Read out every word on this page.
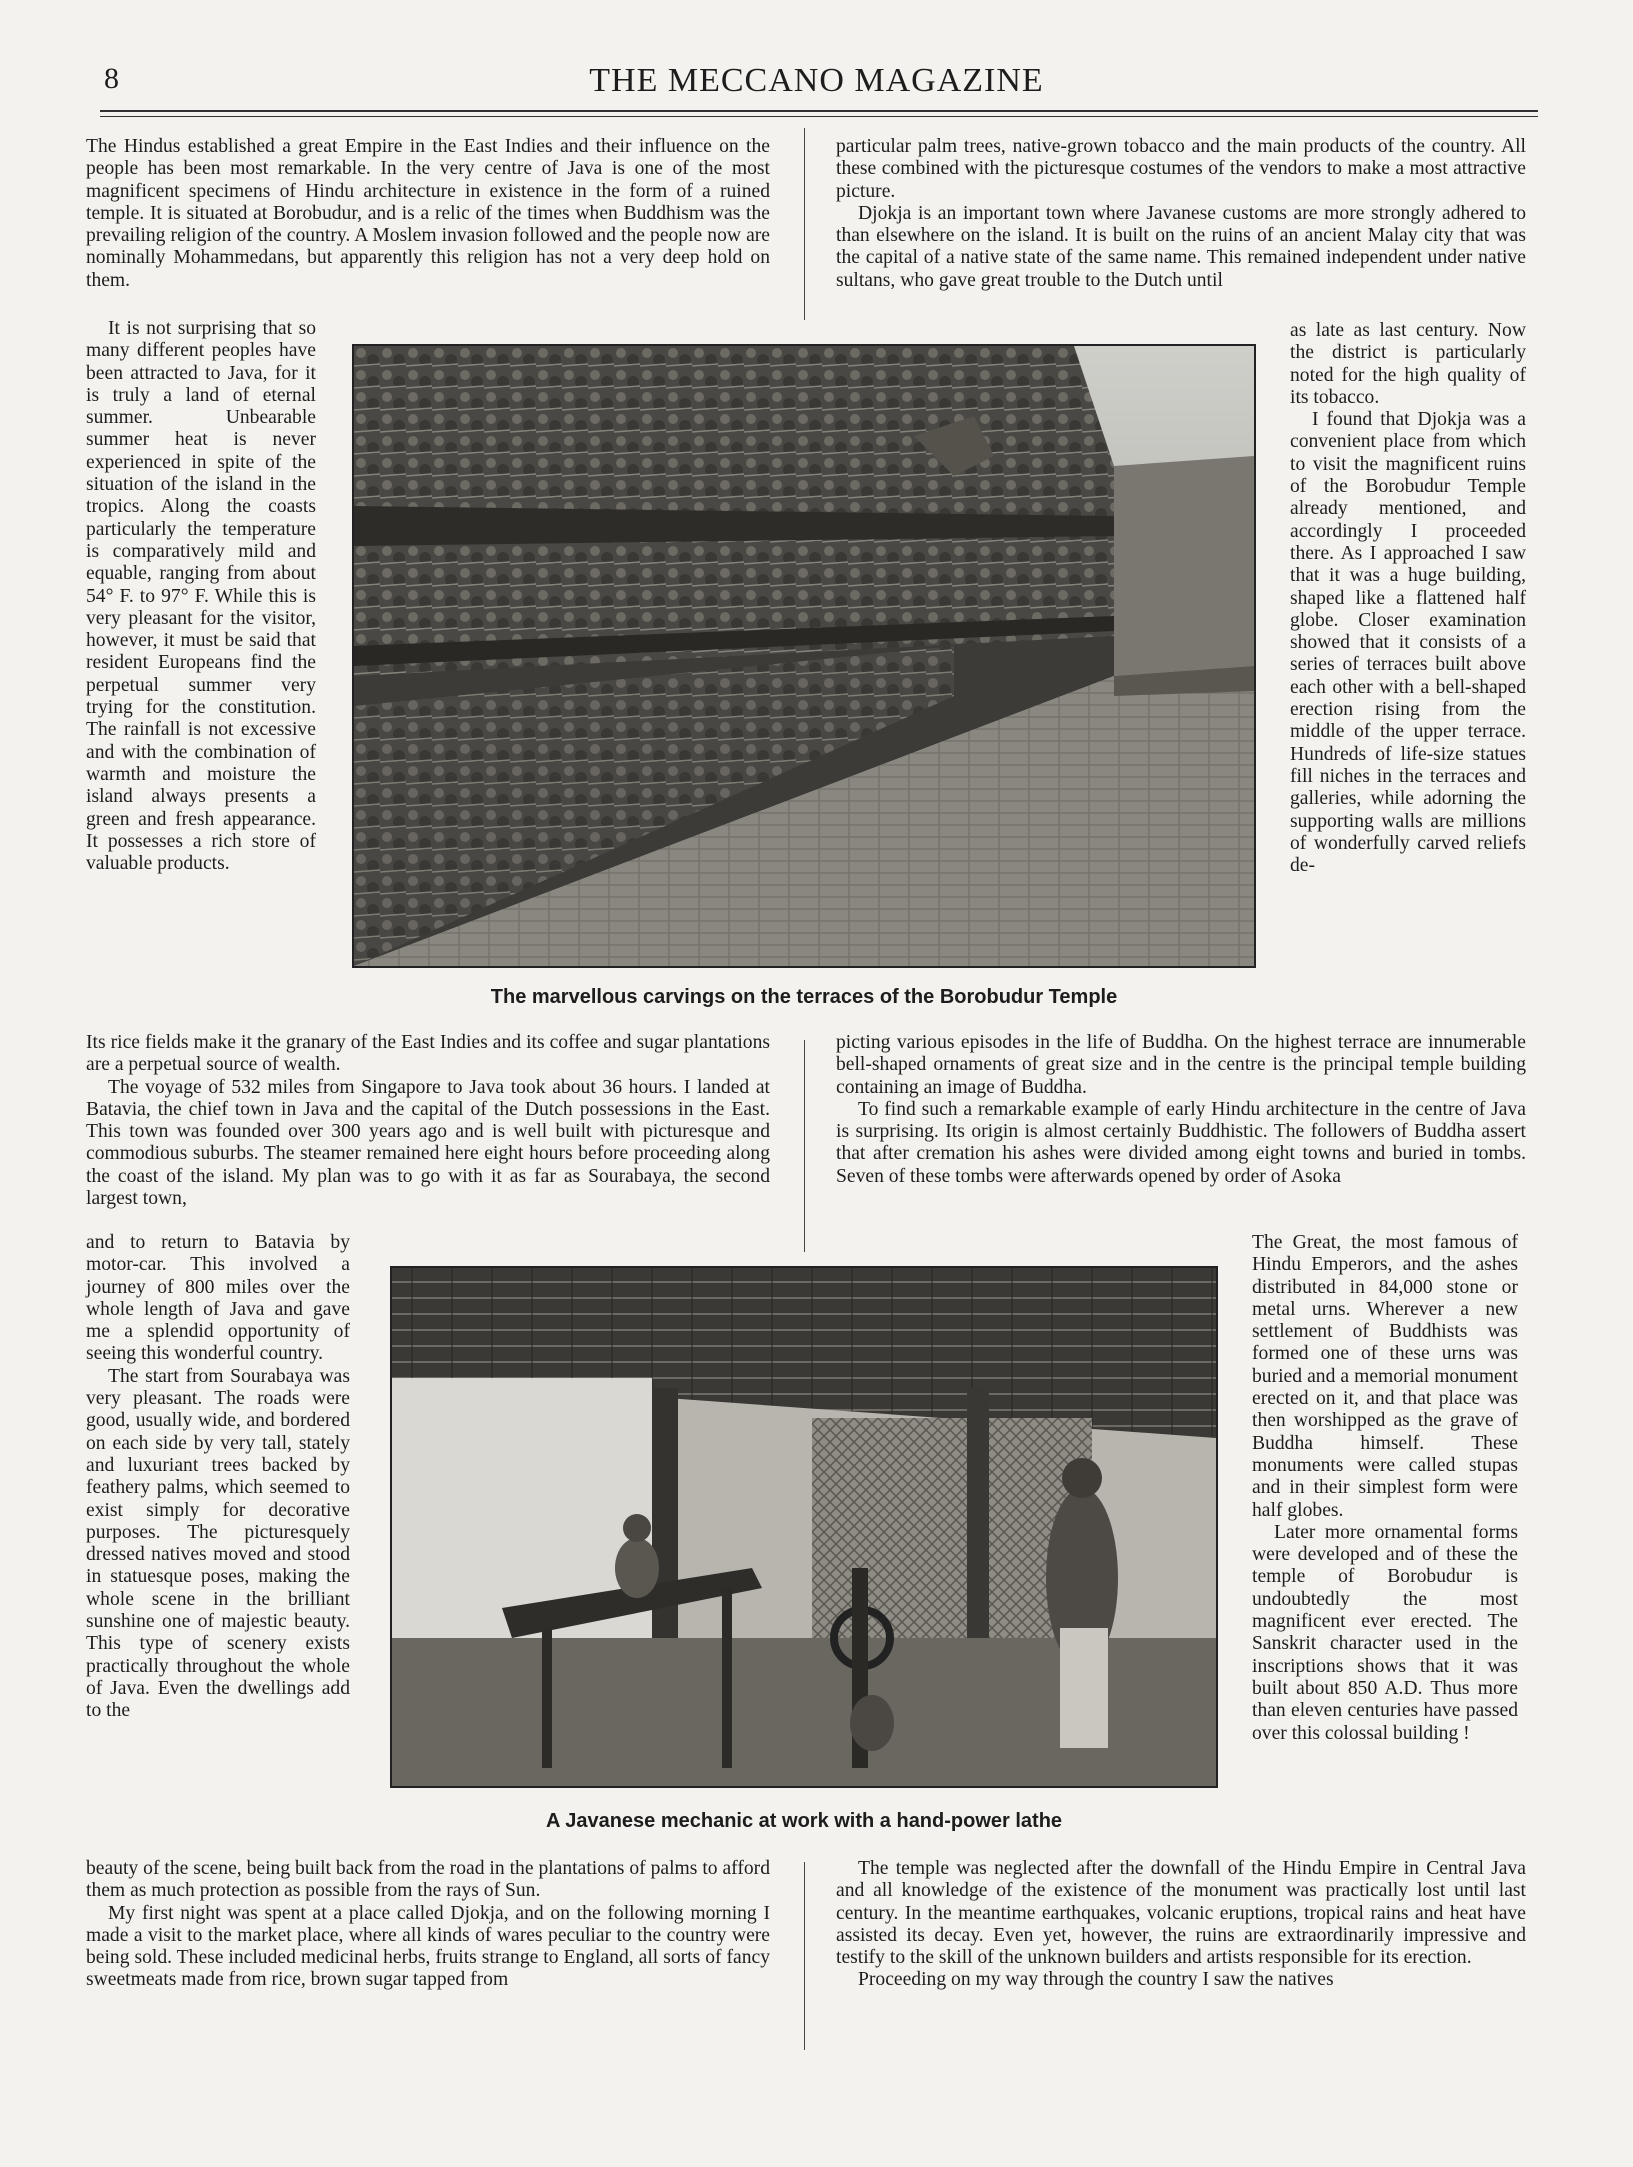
8	THE MECCANO MAGAZINE

The Hindus established a great Empire in the East Indies and their influence on the people has been most remarkable. In the very centre of Java is one of the most magnificent specimens of Hindu architecture in existence in the form of a ruined temple. It is situated at Borobudur, and is a relic of the times when Buddhism was the prevailing religion of the country. A Moslem invasion followed and the people now are nominally Mohammedans, but apparently this religion has not a very deep hold on them.

particular palm trees, native-grown tobacco and the main products of the country. All these combined with the picturesque costumes of the vendors to make a most attractive picture.

Djokja is an important town where Javanese customs are more strongly adhered to than elsewhere on the island. It is built on the ruins of an ancient Malay city that was the capital of a native state of the same name. This remained independent under native sultans, who gave great trouble to the Dutch until

It is not surprising that so many different peoples have been attracted to Java, for it is truly a land of eternal summer. Unbearable summer heat is never experienced in spite of the situation of the island in the tropics. Along the coasts particularly the temperature is comparatively mild and equable, ranging from about 54° F. to 97° F. While this is very pleasant for the visitor, however, it must be said that resident Europeans find the perpetual summer very trying for the constitution. The rainfall is not excessive and with the combination of warmth and moisture the island always presents a green and fresh appearance. It possesses a rich store of valuable products.

as late as last century. Now the district is particularly noted for the high quality of its tobacco.

I found that Djokja was a convenient place from which to visit the magnificent ruins of the Borobudur Temple already mentioned, and accordingly I proceeded there. As I approached I saw that it was a huge building, shaped like a flattened half globe. Closer examination showed that it consists of a series of terraces built above each other with a bell-shaped erection rising from the middle of the upper terrace. Hundreds of life-size statues fill niches in the terraces and galleries, while adorning the supporting walls are millions of wonderfully carved reliefs de-

The marvellous carvings on the terraces of the Borobudur Temple

Its rice fields make it the granary of the East Indies and its coffee and sugar plantations are a perpetual source of wealth.

The voyage of 532 miles from Singapore to Java took about 36 hours. I landed at Batavia, the chief town in Java and the capital of the Dutch possessions in the East. This town was founded over 300 years ago and is well built with picturesque and commodious suburbs. The steamer remained here eight hours before proceeding along the coast of the island. My plan was to go with it as far as Sourabaya, the second largest town,

picting various episodes in the life of Buddha. On the highest terrace are innumerable bell-shaped ornaments of great size and in the centre is the principal temple building containing an image of Buddha.

To find such a remarkable example of early Hindu architecture in the centre of Java is surprising. Its origin is almost certainly Buddhistic. The followers of Buddha assert that after cremation his ashes were divided among eight towns and buried in tombs. Seven of these tombs were afterwards opened by order of Asoka

and to return to Batavia by motor-car. This involved a journey of 800 miles over the whole length of Java and gave me a splendid opportunity of seeing this wonderful country.

The start from Sourabaya was very pleasant. The roads were good, usually wide, and bordered on each side by very tall, stately and luxuriant trees backed by feathery palms, which seemed to exist simply for decorative purposes. The picturesquely dressed natives moved and stood in statuesque poses, making the whole scene in the brilliant sunshine one of majestic beauty. This type of scenery exists practically throughout the whole of Java. Even the dwellings add to the

The Great, the most famous of Hindu Emperors, and the ashes distributed in 84,000 stone or metal urns. Wherever a new settlement of Buddhists was formed one of these urns was buried and a memorial monument erected on it, and that place was then worshipped as the grave of Buddha himself. These monuments were called stupas and in their simplest form were half globes.

Later more ornamental forms were developed and of these the temple of Borobudur is undoubtedly the most magnificent ever erected. The Sanskrit character used in the inscriptions shows that it was built about 850 A.D. Thus more than eleven centuries have passed over this colossal building !

A Javanese mechanic at work with a hand-power lathe

beauty of the scene, being built back from the road in the plantations of palms to afford them as much protection as possible from the rays of Sun.

My first night was spent at a place called Djokja, and on the following morning I made a visit to the market place, where all kinds of wares peculiar to the country were being sold. These included medicinal herbs, fruits strange to England, all sorts of fancy sweetmeats made from rice, brown sugar tapped from

The temple was neglected after the downfall of the Hindu Empire in Central Java and all knowledge of the existence of the monument was practically lost until last century. In the meantime earthquakes, volcanic eruptions, tropical rains and heat have assisted its decay. Even yet, however, the ruins are extraordinarily impressive and testify to the skill of the unknown builders and artists responsible for its erection.

Proceeding on my way through the country I saw the natives
